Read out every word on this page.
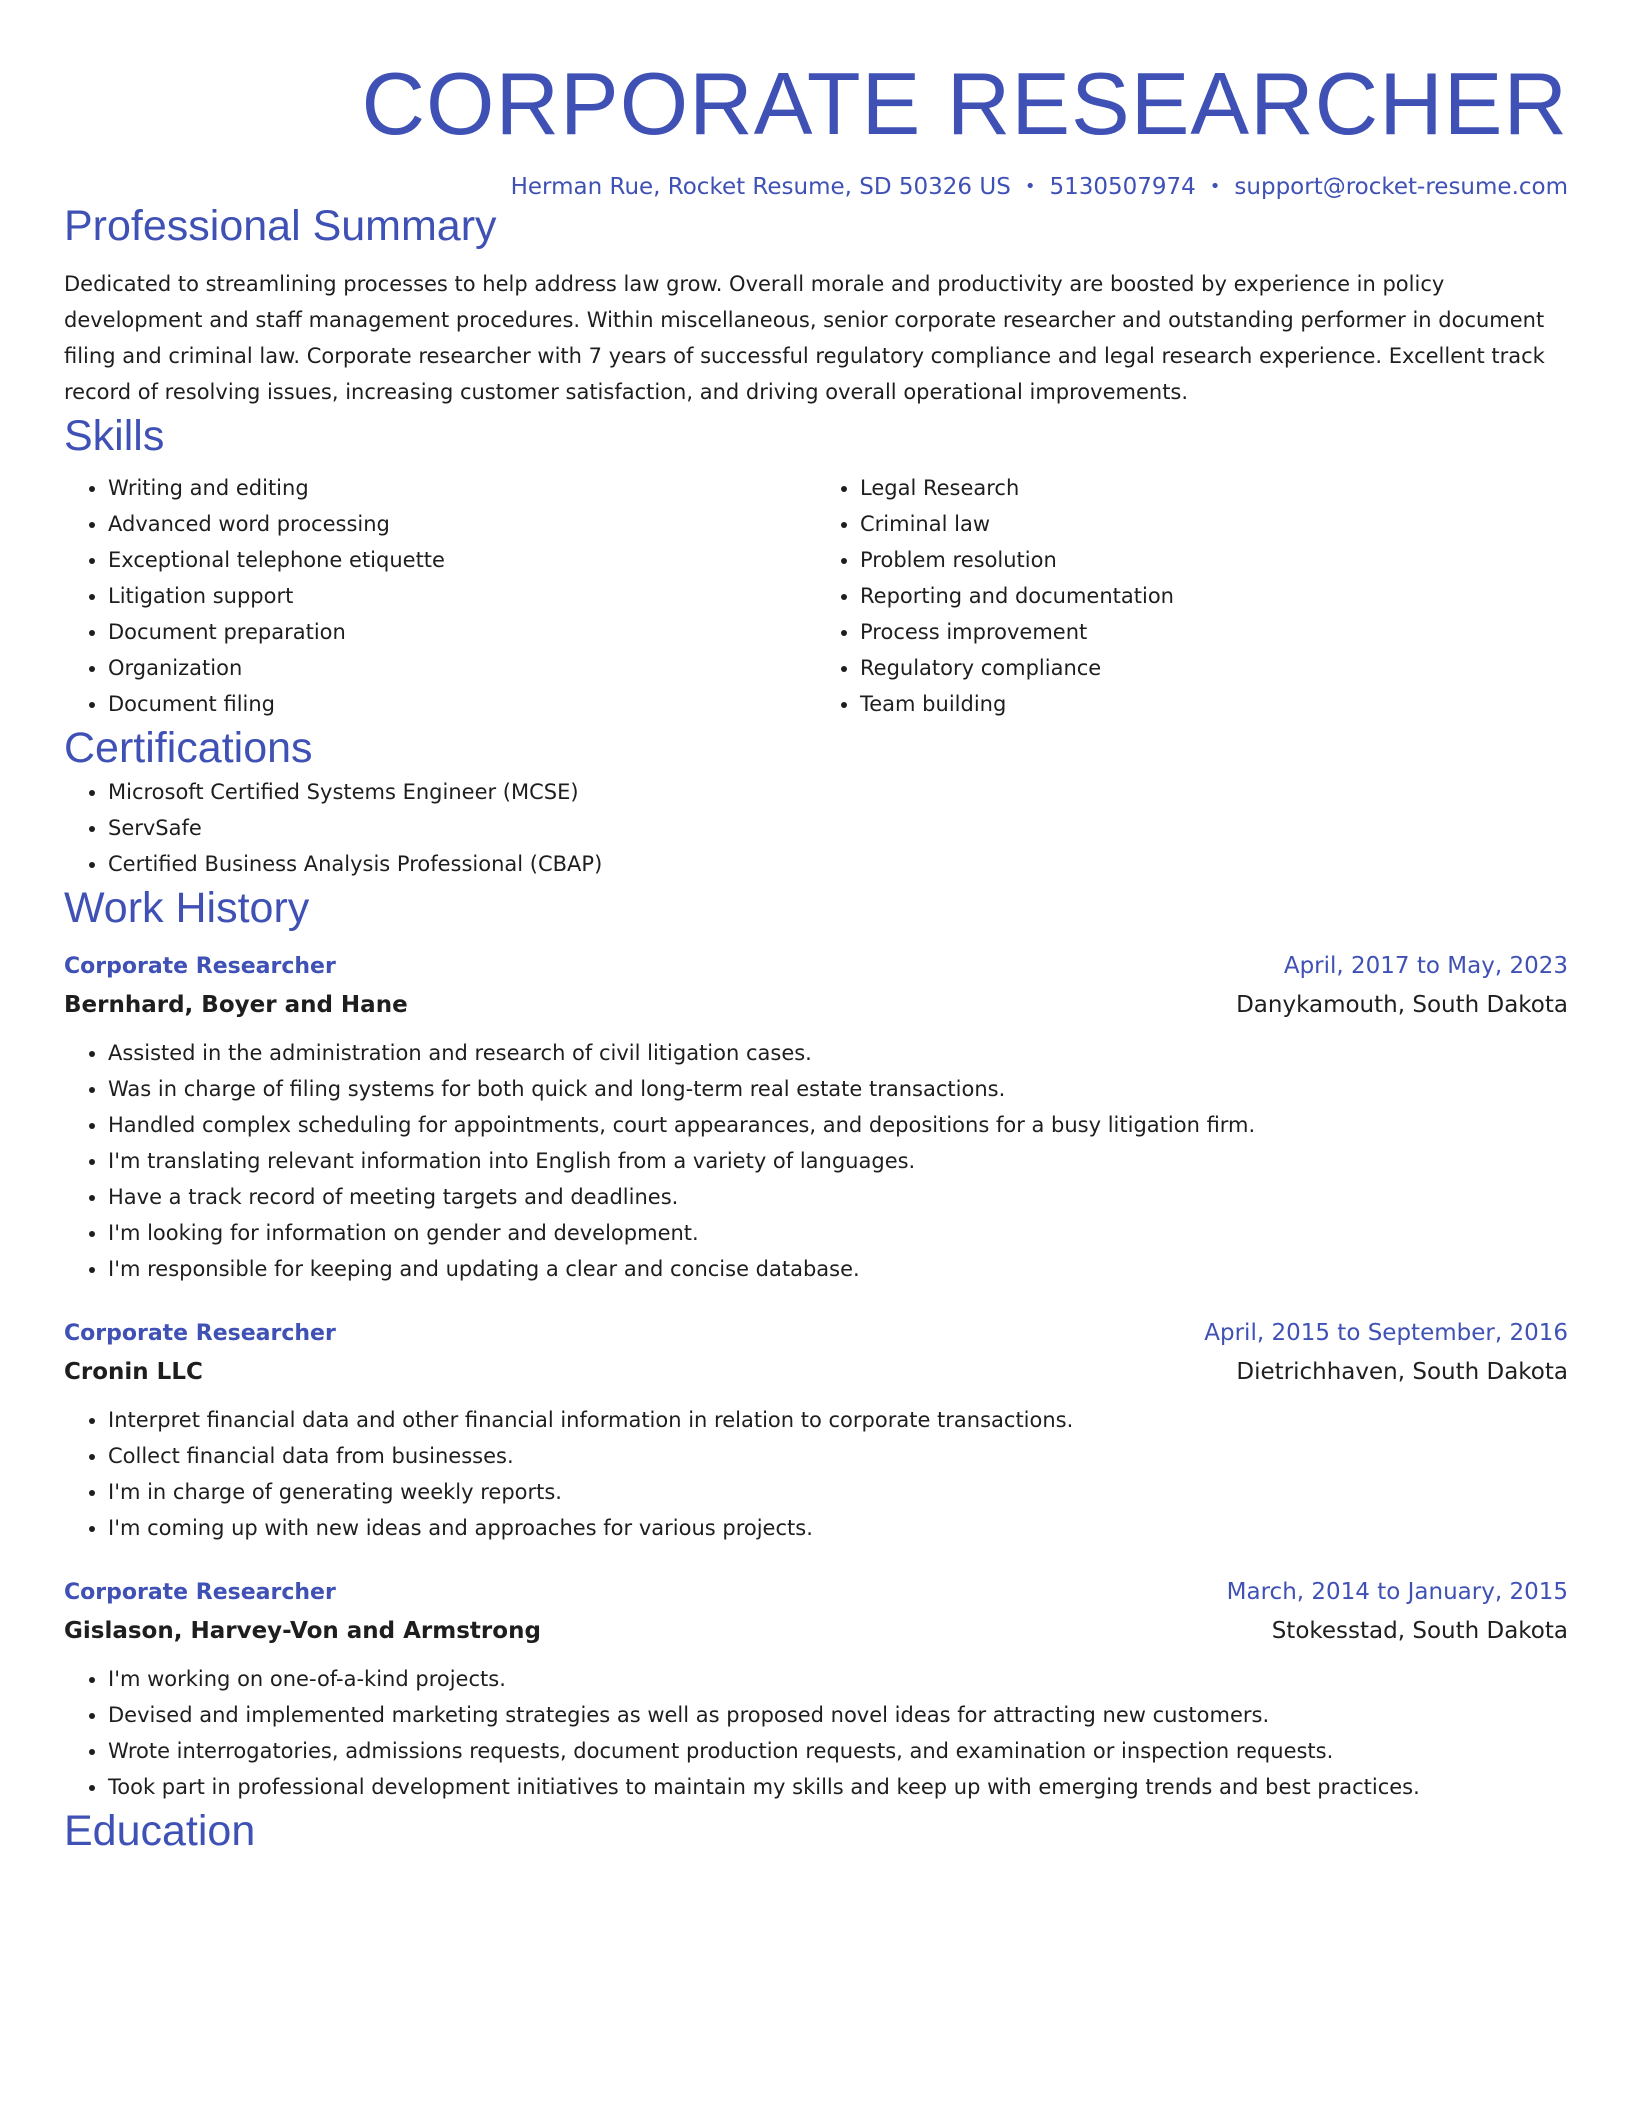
CORPORATE RESEARCHER
Herman Rue, Rocket Resume, SD 50326 US • 5130507974 • support@rocket-resume.com
Professional Summary

Dedicated to streamlining processes to help address law grow. Overall morale and productivity are boosted by experience in policy development and staff management procedures. Within miscellaneous, senior corporate researcher and outstanding performer in document filing and criminal law. Corporate researcher with 7 years of successful regulatory compliance and legal research experience. Excellent track record of resolving issues, increasing customer satisfaction, and driving overall operational improvements.

Skills
• Writing and editing
• Advanced word processing
• Exceptional telephone etiquette
• Litigation support
• Document preparation
• Organization
• Document filing
• Legal Research
• Criminal law
• Problem resolution
• Reporting and documentation
• Process improvement
• Regulatory compliance
• Team building
Certifications
• Microsoft Certified Systems Engineer (MCSE)
• ServSafe
• Certified Business Analysis Professional (CBAP)
Work History
Corporate Researcher	April, 2017 to May, 2023
Bernhard, Boyer and Hane	Danykamouth, South Dakota
• Assisted in the administration and research of civil litigation cases.
• Was in charge of filing systems for both quick and long-term real estate transactions.
• Handled complex scheduling for appointments, court appearances, and depositions for a busy litigation firm.
• I'm translating relevant information into English from a variety of languages.
• Have a track record of meeting targets and deadlines.
• I'm looking for information on gender and development.
• I'm responsible for keeping and updating a clear and concise database.
Corporate Researcher	April, 2015 to September, 2016
Cronin LLC	Dietrichhaven, South Dakota
• Interpret financial data and other financial information in relation to corporate transactions.
• Collect financial data from businesses.
• I'm in charge of generating weekly reports.
• I'm coming up with new ideas and approaches for various projects.
Corporate Researcher	March, 2014 to January, 2015
Gislason, Harvey-Von and Armstrong	Stokesstad, South Dakota
• I'm working on one-of-a-kind projects.
• Devised and implemented marketing strategies as well as proposed novel ideas for attracting new customers.
• Wrote interrogatories, admissions requests, document production requests, and examination or inspection requests.
• Took part in professional development initiatives to maintain my skills and keep up with emerging trends and best practices.
Education
